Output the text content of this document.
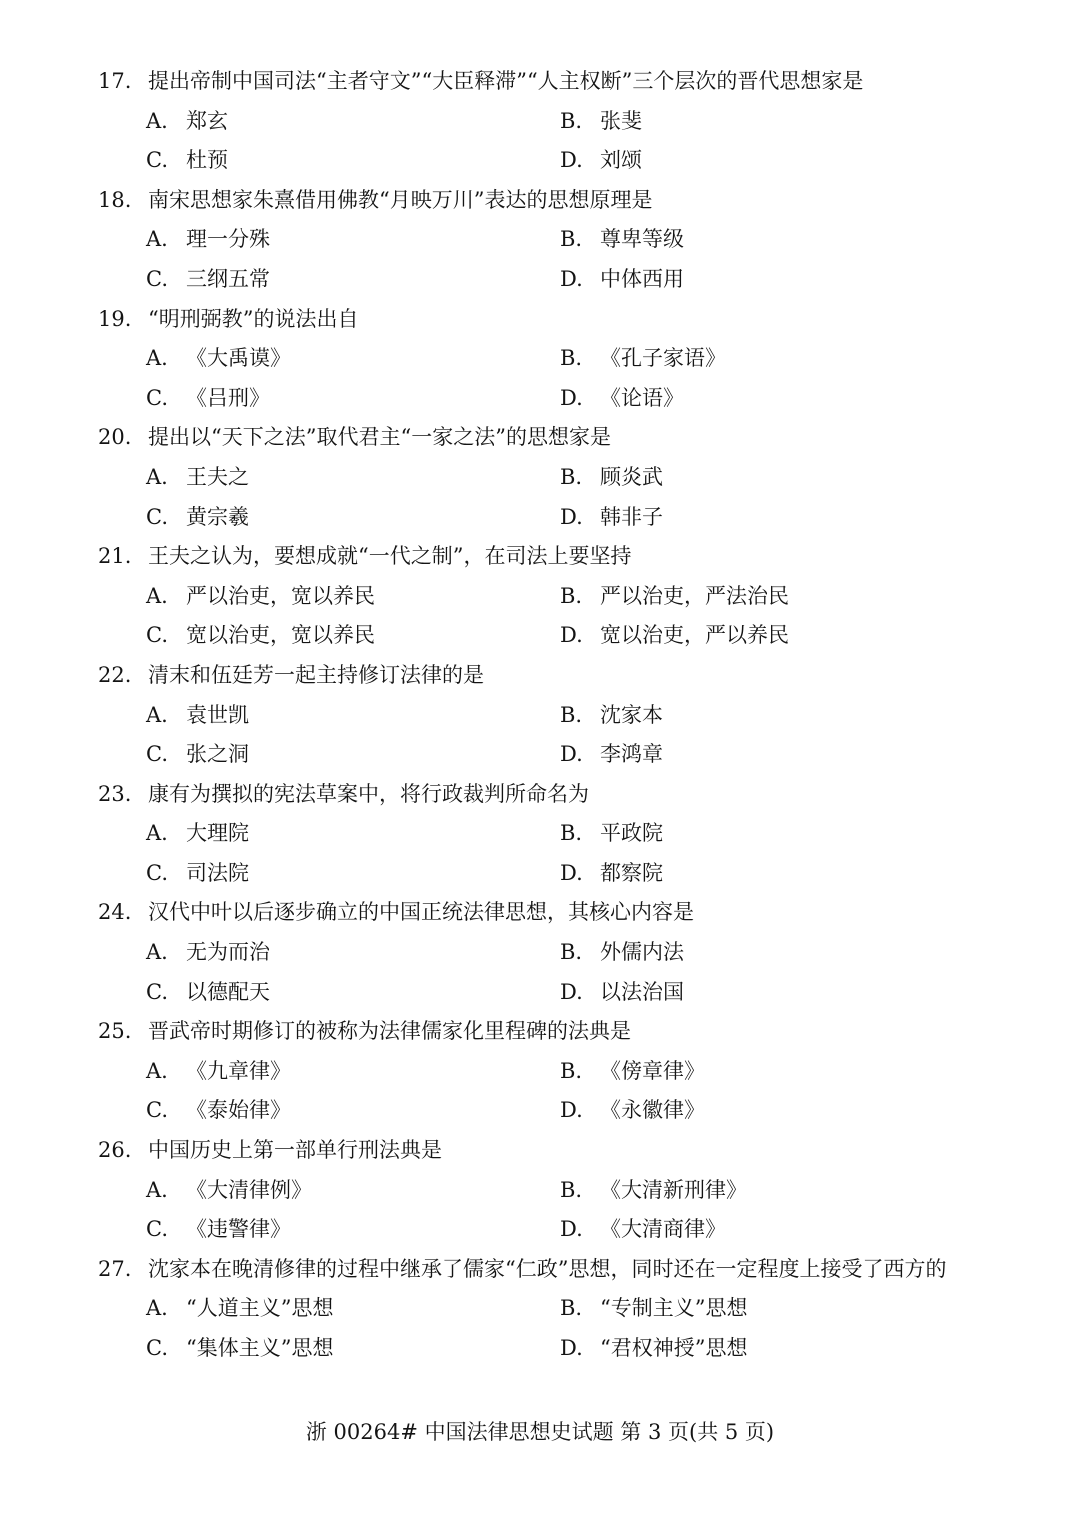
17. 提出帝制中国司法“主者守文”“大臣释滞”“人主权断”三个层次的晋代思想家是
A. 郑玄	B. 张斐
C. 杜预	D. 刘颂
18. 南宋思想家朱熹借用佛教“月映万川”表达的思想原理是
A. 理一分殊	B. 尊卑等级
C. 三纲五常	D. 中体西用
19. “明刑弼教”的说法出自
A. 《大禹谟》	B. 《孔子家语》
C. 《吕刑》	D. 《论语》
20. 提出以“天下之法”取代君主“一家之法”的思想家是
A. 王夫之	B. 顾炎武
C. 黄宗羲	D. 韩非子
21. 王夫之认为，要想成就“一代之制”，在司法上要坚持
A. 严以治吏，宽以养民	B. 严以治吏，严法治民
C. 宽以治吏，宽以养民	D. 宽以治吏，严以养民
22. 清末和伍廷芳一起主持修订法律的是
A. 袁世凯	B. 沈家本
C. 张之洞	D. 李鸿章
23. 康有为撰拟的宪法草案中，将行政裁判所命名为
A. 大理院	B. 平政院
C. 司法院	D. 都察院
24. 汉代中叶以后逐步确立的中国正统法律思想，其核心内容是
A. 无为而治	B. 外儒内法
C. 以德配天	D. 以法治国
25. 晋武帝时期修订的被称为法律儒家化里程碑的法典是
A. 《九章律》	B. 《傍章律》
C. 《泰始律》	D. 《永徽律》
26. 中国历史上第一部单行刑法典是
A. 《大清律例》	B. 《大清新刑律》
C. 《违警律》	D. 《大清商律》
27. 沈家本在晚清修律的过程中继承了儒家“仁政”思想，同时还在一定程度上接受了西方的
A. “人道主义”思想	B. “专制主义”思想
C. “集体主义”思想	D. “君权神授”思想
浙 00264# 中国法律思想史试题 第 3 页(共 5 页)
